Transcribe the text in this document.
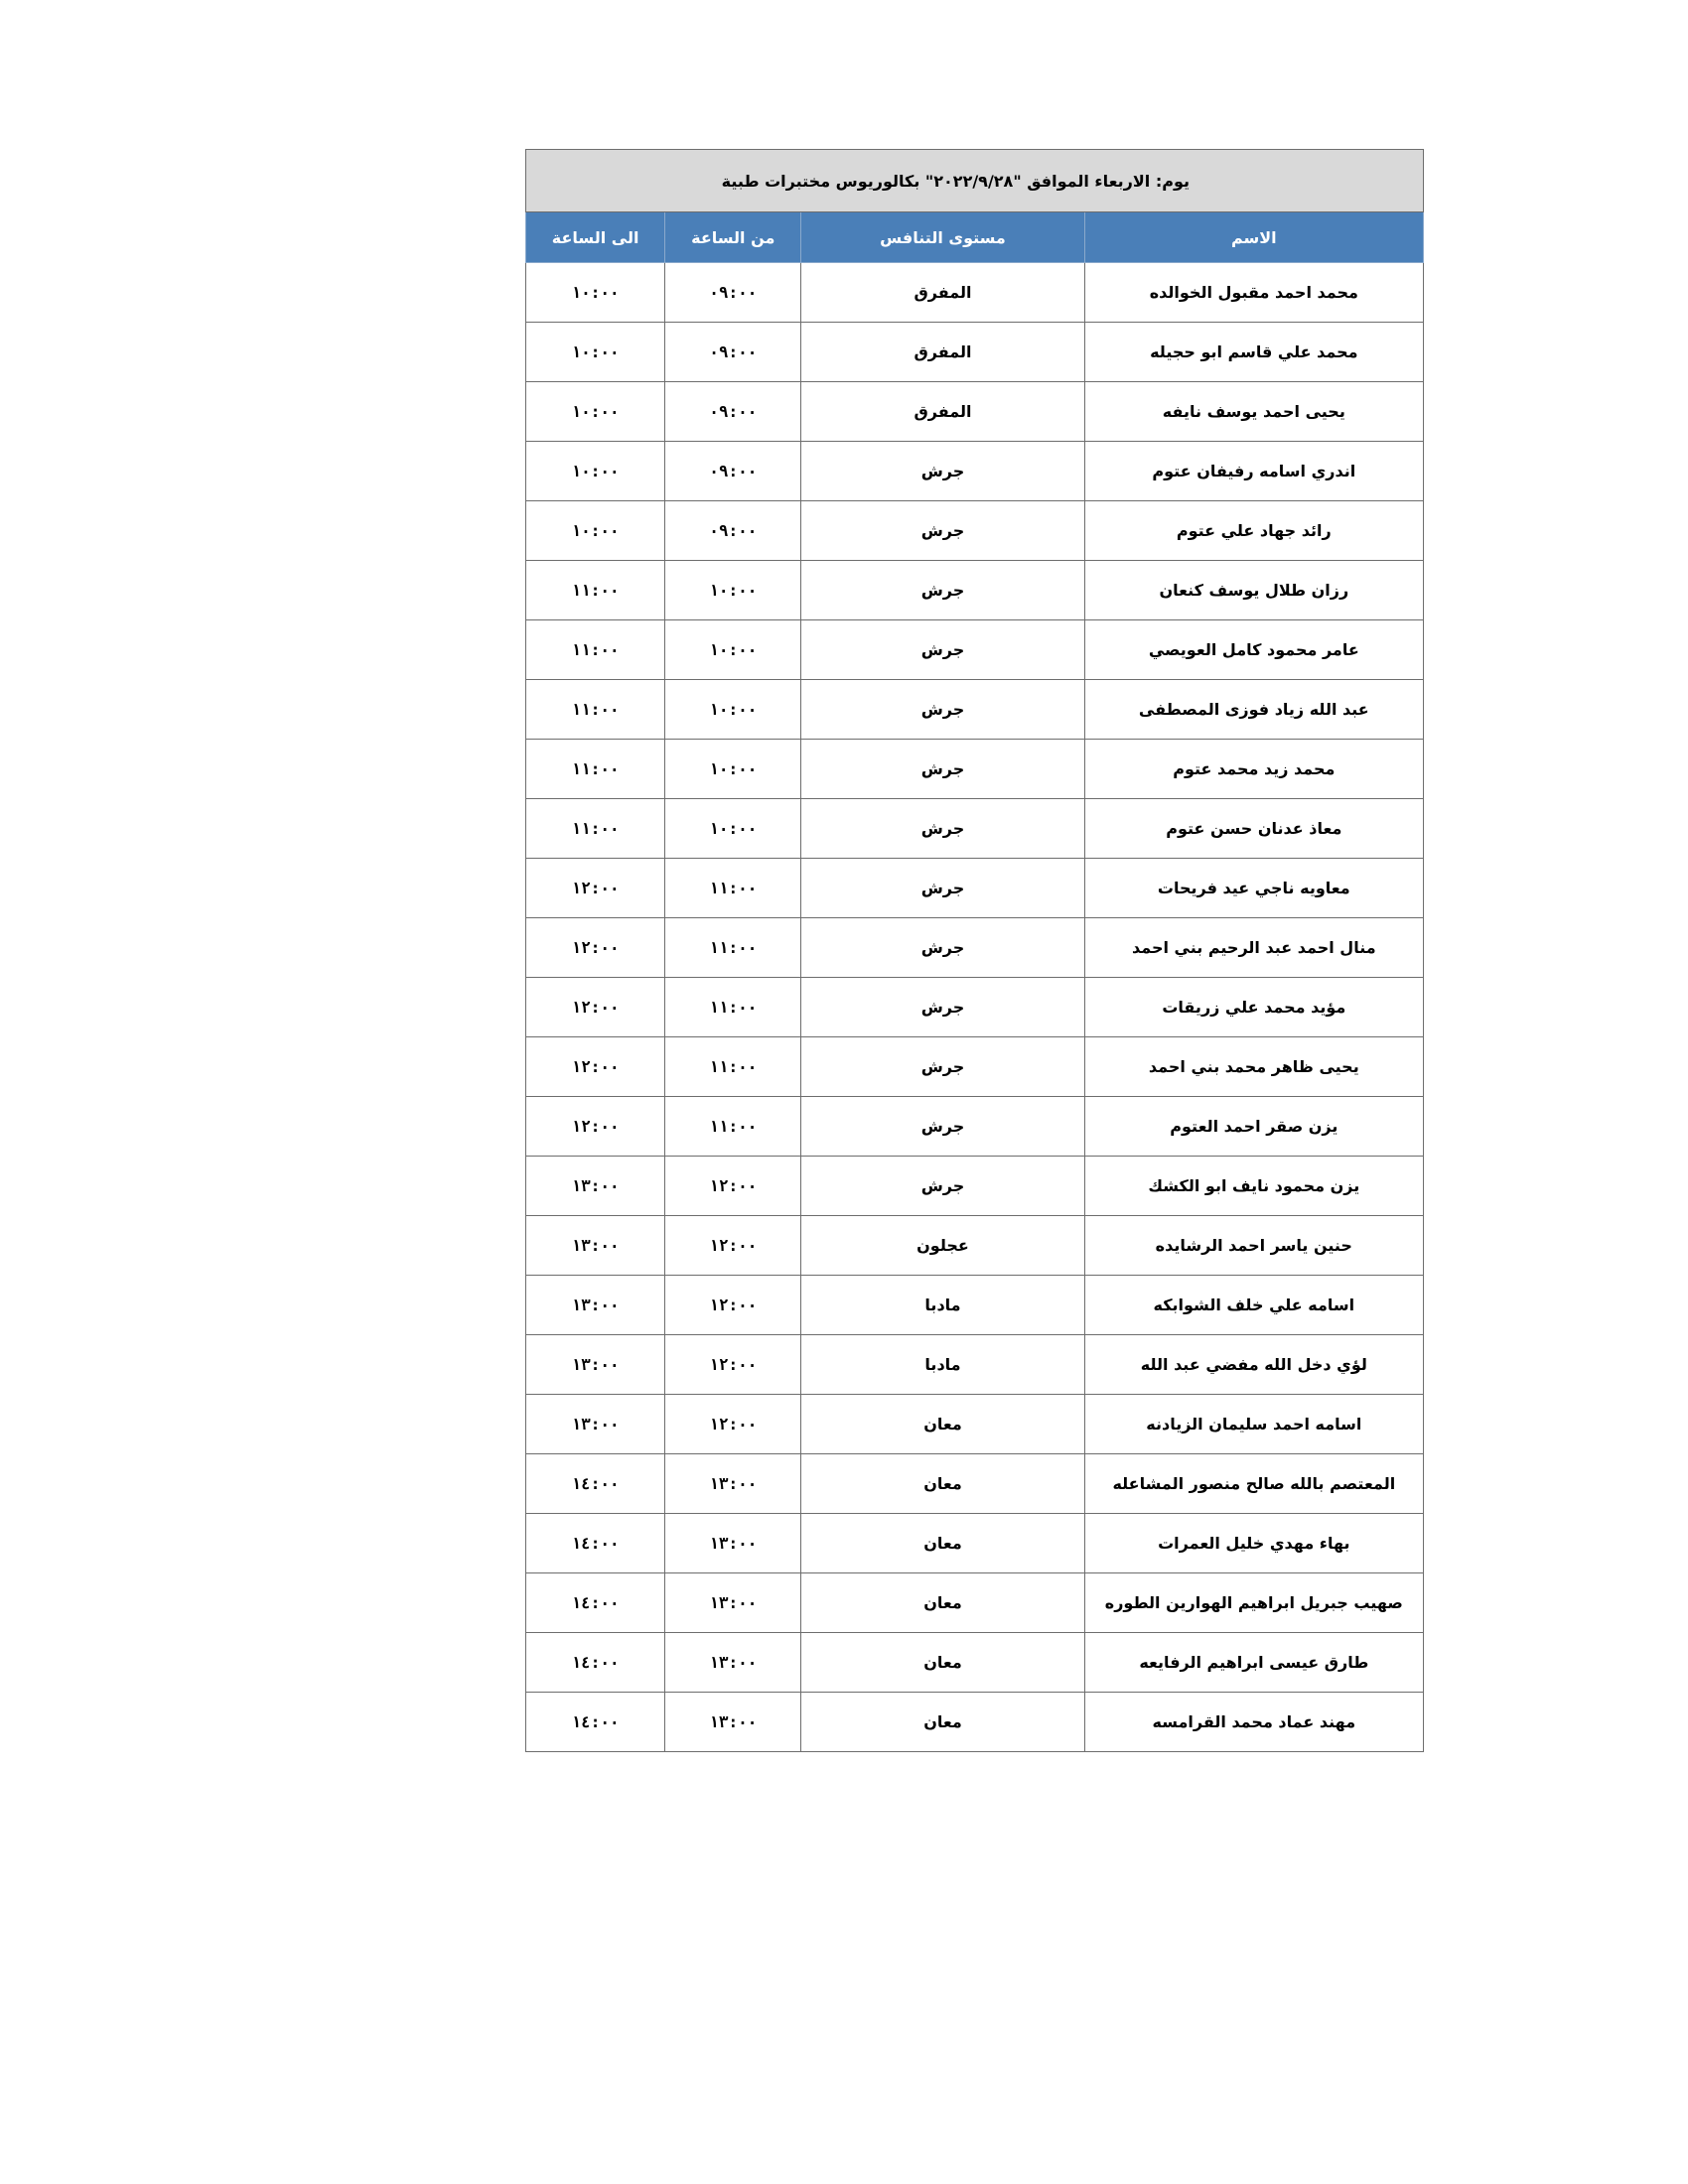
يوم: الاربعاء الموافق "٢٠٢٢/٩/٢٨" بكالوريوس مختبرات طبية			
الاسم	مستوى التنافس	من الساعة	الى الساعة
محمد احمد مقبول الخوالده	المفرق	٠٩:٠٠	١٠:٠٠
محمد علي قاسم ابو حجيله	المفرق	٠٩:٠٠	١٠:٠٠
يحيى احمد يوسف نايفه	المفرق	٠٩:٠٠	١٠:٠٠
اندري اسامه رفيفان عتوم	جرش	٠٩:٠٠	١٠:٠٠
رائد جهاد علي عتوم	جرش	٠٩:٠٠	١٠:٠٠
رزان طلال يوسف كنعان	جرش	١٠:٠٠	١١:٠٠
عامر محمود كامل العويصي	جرش	١٠:٠٠	١١:٠٠
عبد الله زياد فوزى المصطفى	جرش	١٠:٠٠	١١:٠٠
محمد زيد محمد عتوم	جرش	١٠:٠٠	١١:٠٠
معاذ عدنان حسن عتوم	جرش	١٠:٠٠	١١:٠٠
معاويه ناجي عيد فريحات	جرش	١١:٠٠	١٢:٠٠
منال احمد عبد الرحيم بني احمد	جرش	١١:٠٠	١٢:٠٠
مؤيد محمد علي زريقات	جرش	١١:٠٠	١٢:٠٠
يحيى ظاهر محمد بني احمد	جرش	١١:٠٠	١٢:٠٠
يزن صقر احمد العتوم	جرش	١١:٠٠	١٢:٠٠
يزن محمود نايف ابو الكشك	جرش	١٢:٠٠	١٣:٠٠
حنين ياسر احمد الرشايده	عجلون	١٢:٠٠	١٣:٠٠
اسامه علي خلف الشوابكه	مادبا	١٢:٠٠	١٣:٠٠
لؤي دخل الله مفضي عبد الله	مادبا	١٢:٠٠	١٣:٠٠
اسامه احمد سليمان الزيادنه	معان	١٢:٠٠	١٣:٠٠
المعتصم بالله صالح منصور المشاعله	معان	١٣:٠٠	١٤:٠٠
بهاء مهدي خليل العمرات	معان	١٣:٠٠	١٤:٠٠
صهيب جبريل ابراهيم الهوارين الطوره	معان	١٣:٠٠	١٤:٠٠
طارق عيسى ابراهيم الرفايعه	معان	١٣:٠٠	١٤:٠٠
مهند عماد محمد القرامسه	معان	١٣:٠٠	١٤:٠٠
